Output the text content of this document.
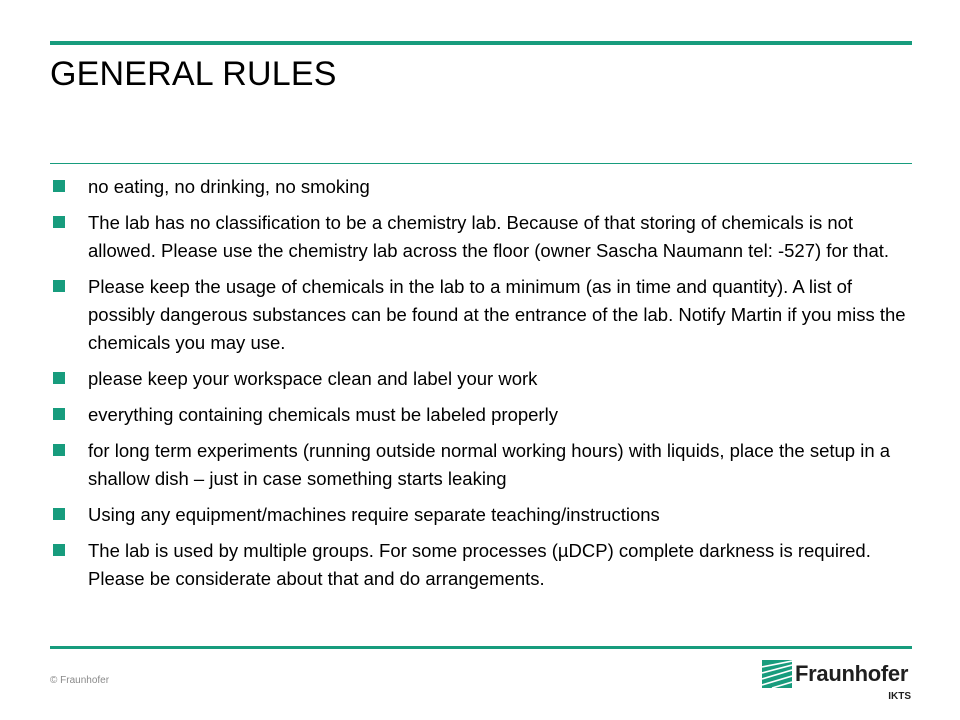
GENERAL RULES
no eating, no drinking, no smoking
The lab has no classification to be a chemistry lab. Because of that storing of chemicals is not allowed. Please use the chemistry lab across the floor (owner Sascha Naumann tel: -527) for that.
Please keep the usage of chemicals in the lab to a minimum (as in time and quantity). A list of possibly dangerous substances can be found at the entrance of the lab. Notify Martin if you miss the chemicals you may use.
please keep your workspace clean and label your work
everything containing chemicals must be labeled properly
for long term experiments (running outside normal working hours) with liquids, place the setup in a shallow dish – just in case something starts leaking
Using any equipment/machines require separate teaching/instructions
The lab is used by multiple groups. For some processes (µDCP) complete darkness is required. Please be considerate about that and do arrangements.
© Fraunhofer	Fraunhofer
IKTS
